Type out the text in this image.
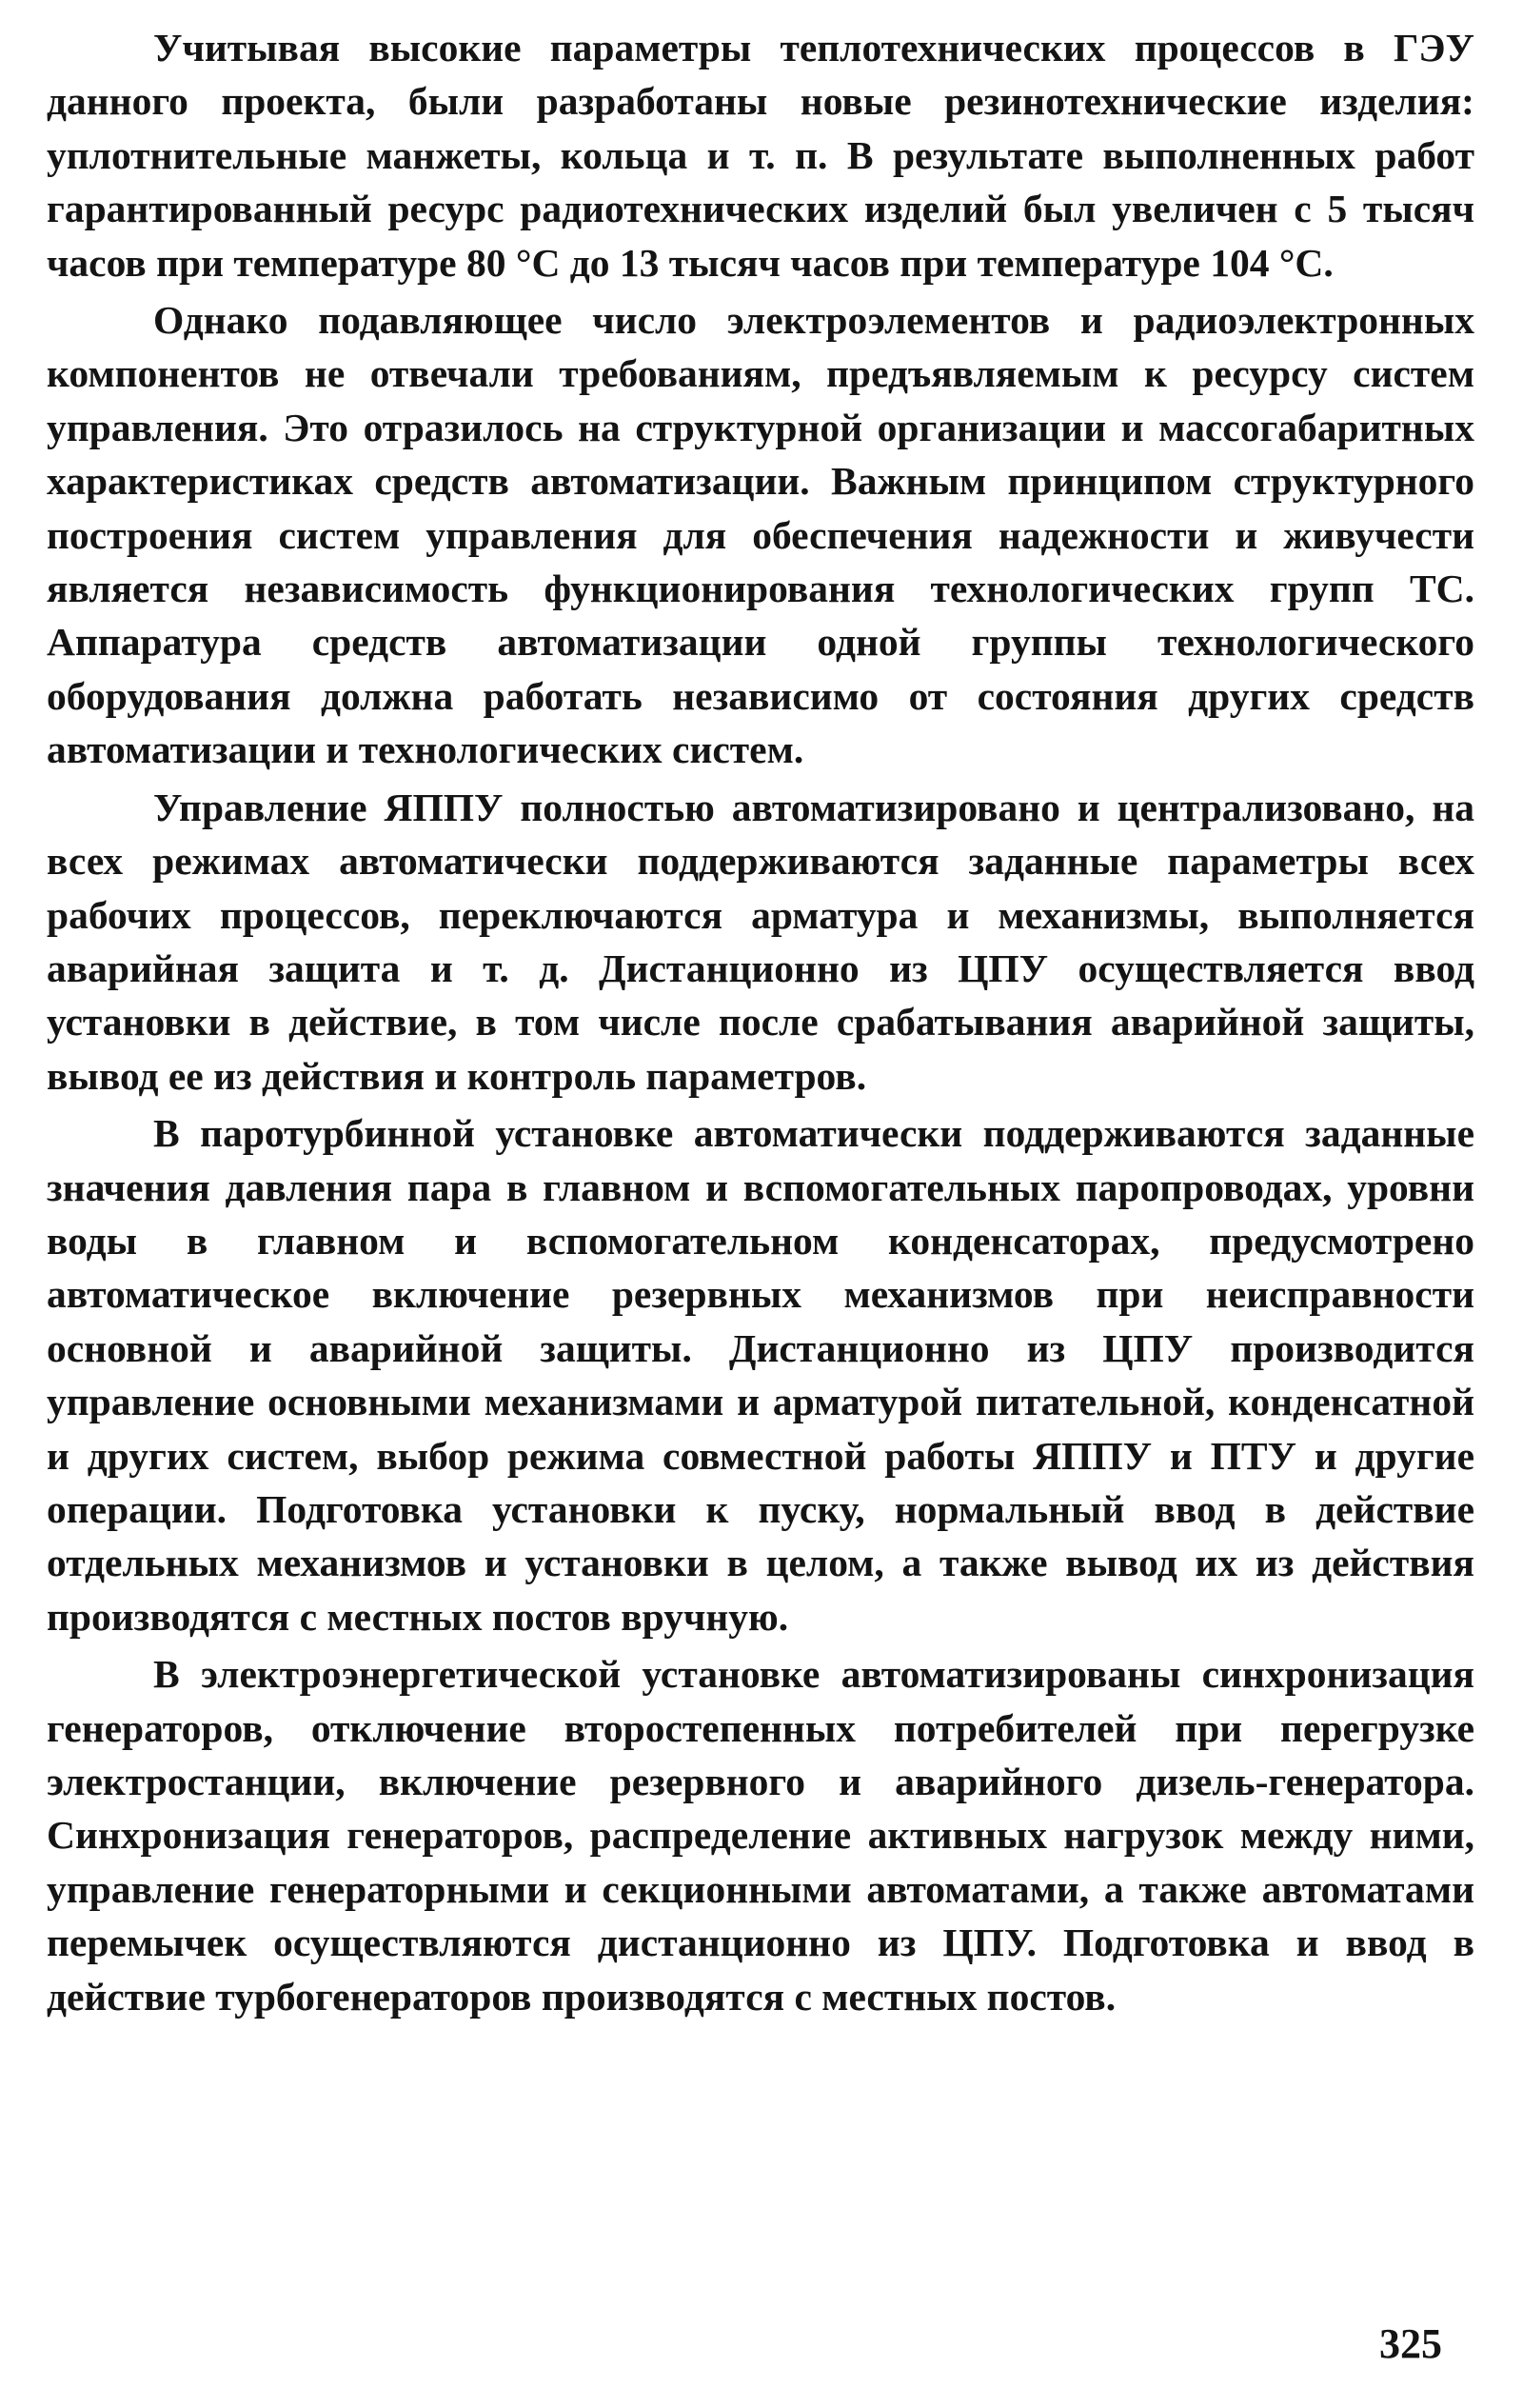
Учитывая высокие параметры теплотехнических процессов в ГЭУ данного проекта, были разработаны новые резинотехнические изделия: уплотнительные манжеты, кольца и т. п. В результате выполненных работ гарантированный ресурс радиотехнических изделий был увеличен с 5 тысяч часов при температуре 80 °С до 13 тысяч часов при температуре 104 °С.

Однако подавляющее число электроэлементов и радиоэлектронных компонентов не отвечали требованиям, предъявляемым к ресурсу систем управления. Это отразилось на структурной организации и массогабаритных характеристиках средств автоматизации. Важным принципом структурного построения систем управления для обеспечения надежности и живучести является независимость функционирования технологических групп ТС. Аппаратура средств автоматизации одной группы технологического оборудования должна работать независимо от состояния других средств автоматизации и технологических систем.

Управление ЯППУ полностью автоматизировано и централизовано, на всех режимах автоматически поддерживаются заданные параметры всех рабочих процессов, переключаются арматура и механизмы, выполняется аварийная защита и т. д. Дистанционно из ЦПУ осуществляется ввод установки в действие, в том числе после срабатывания аварийной защиты, вывод ее из действия и контроль параметров.

В паротурбинной установке автоматически поддерживаются заданные значения давления пара в главном и вспомогательных паропроводах, уровни воды в главном и вспомогательном конденсаторах, предусмотрено автоматическое включение резервных механизмов при неисправности основной и аварийной защиты. Дистанционно из ЦПУ производится управление основными механизмами и арматурой питательной, конденсатной и других систем, выбор режима совместной работы ЯППУ и ПТУ и другие операции. Подготовка установки к пуску, нормальный ввод в действие отдельных механизмов и установки в целом, а также вывод их из действия производятся с местных постов вручную.

В электроэнергетической установке автоматизированы синхронизация генераторов, отключение второстепенных потребителей при перегрузке электростанции, включение резервного и аварийного дизель-генератора. Синхронизация генераторов, распределение активных нагрузок между ними, управление генераторными и секционными автоматами, а также автоматами перемычек осуществляются дистанционно из ЦПУ. Подготовка и ввод в действие турбогенераторов производятся с местных постов.

325
